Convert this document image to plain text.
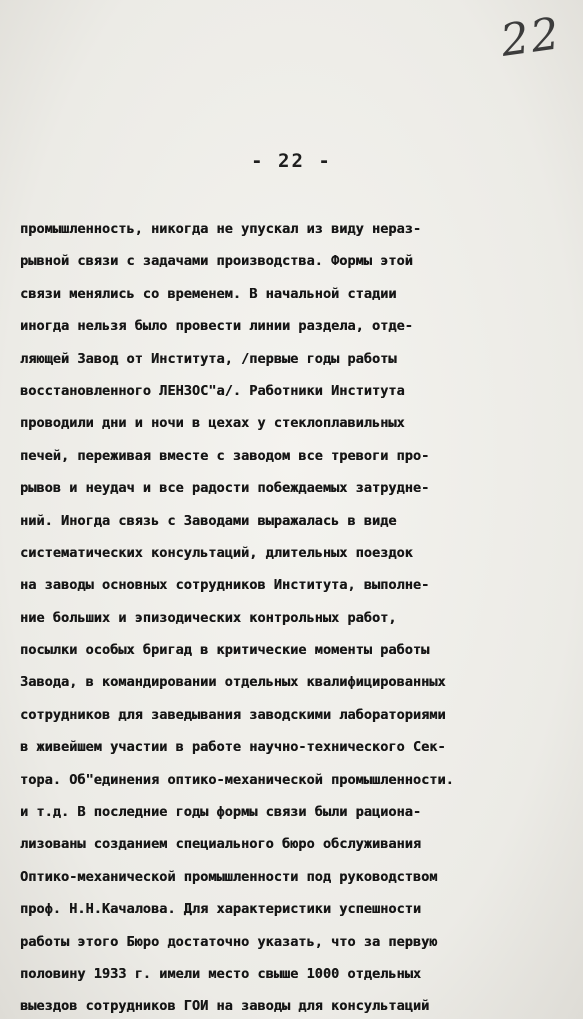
22
- 22 -
промышленность, никогда не упускал из виду нераз-
рывной связи с задачами производства. Формы этой
связи менялись со временем. В начальной стадии
иногда нельзя было провести линии раздела, отде-
ляющей Завод от Института, /первые годы работы
восстановленного ЛЕНЗОС"а/. Работники Института
проводили дни и ночи в цехах у стеклоплавильных
печей, переживая вместе с заводом все тревоги про-
рывов и неудач и все радости побеждаемых затрудне-
ний. Иногда связь с Заводами выражалась в виде
систематических консультаций, длительных поездок
на заводы основных сотрудников Института, выполне-
ние больших и эпизодических контрольных работ,
посылки особых бригад в критические моменты работы
Завода, в командировании отдельных квалифицированных
сотрудников для заведывания заводскими лабораториями
в живейшем участии в работе научно-технического Сек-
тора. Об"единения оптико-механической промышленности.
и т.д. В последние годы формы связи были рациона-
лизованы созданием специального бюро обслуживания
Оптико-механической промышленности под руководством
проф. Н.Н.Качалова. Для характеристики успешности
работы этого Бюро достаточно указать, что за первую
половину 1933 г. имели место свыше 1000 отдельных
выездов сотрудников ГОИ на заводы для консультаций
